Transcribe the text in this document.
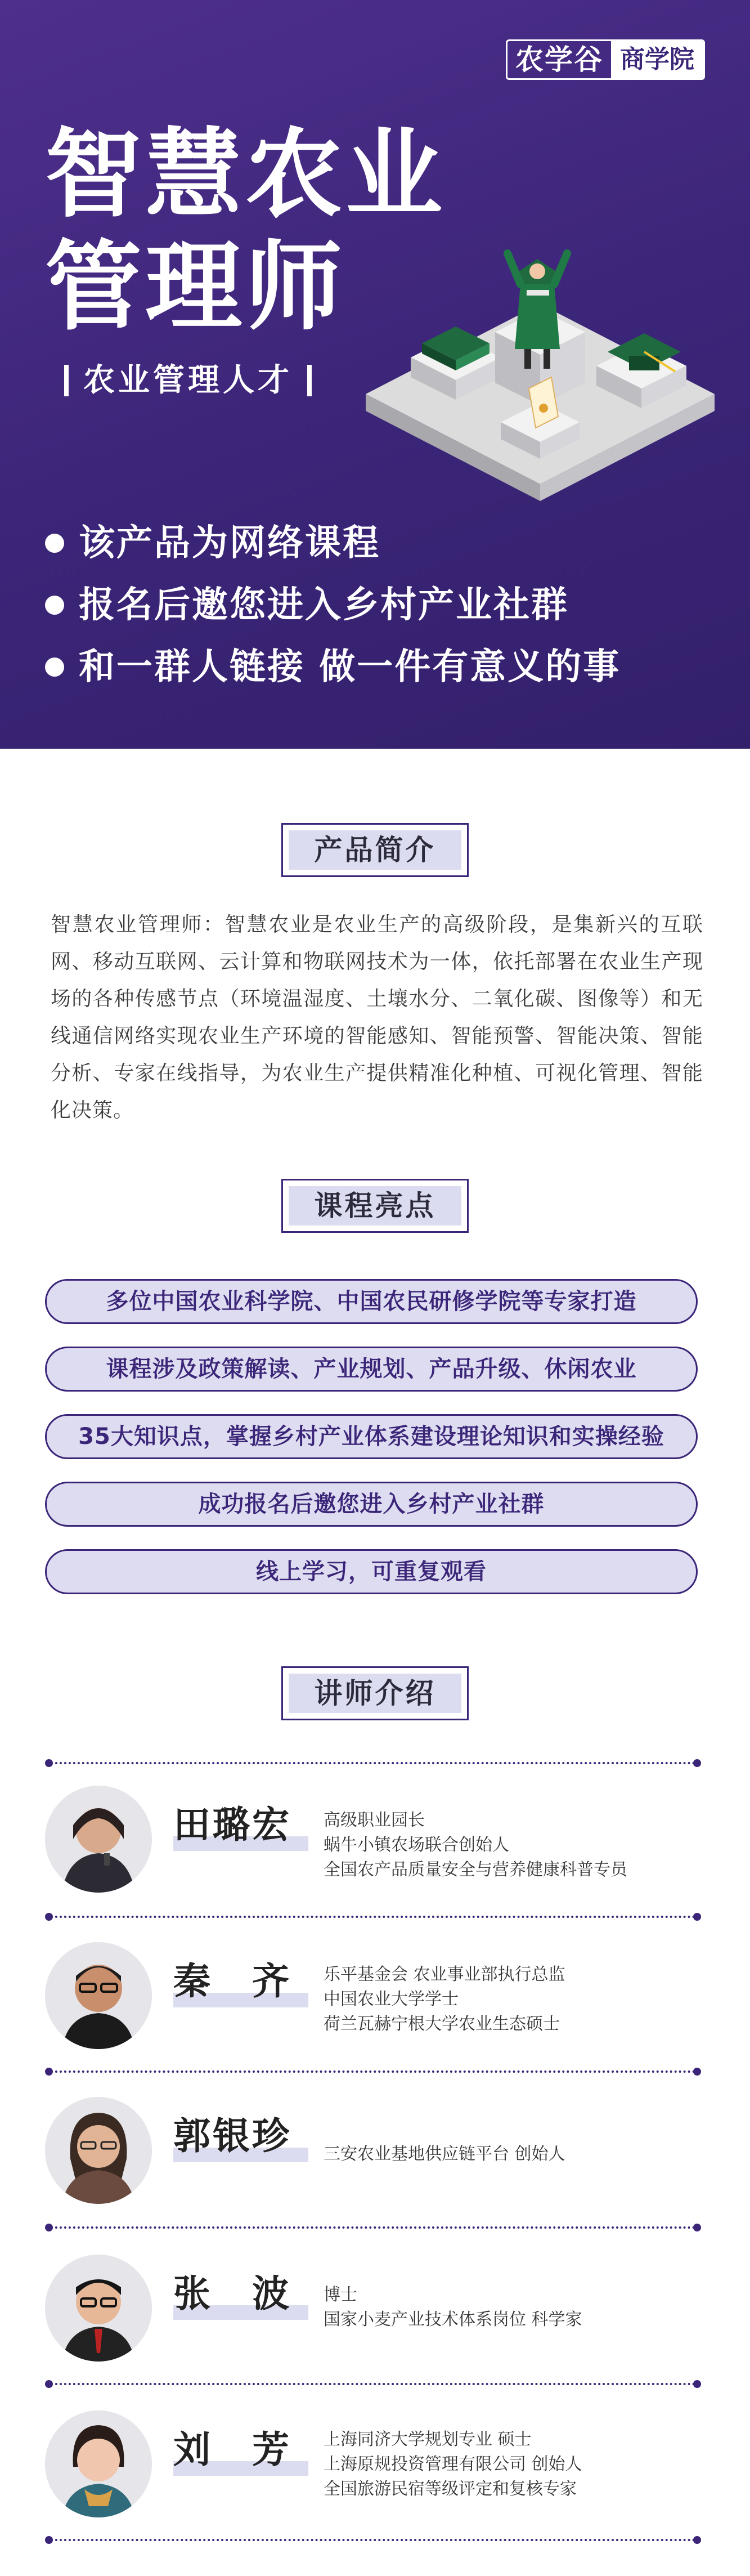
农学谷 商学院
智慧农业
管理师
农业管理人才
该产品为网络课程
报名后邀您进入乡村产业社群
和一群人链接 做一件有意义的事
产品简介

智慧农业管理师：智慧农业是农业生产的高级阶段，是集新兴的互联网、移动互联网、云计算和物联网技术为一体，依托部署在农业生产现场的各种传感节点（环境温湿度、土壤水分、二氧化碳、图像等）和无线通信网络实现农业生产环境的智能感知、智能预警、智能决策、智能分析、专家在线指导，为农业生产提供精准化种植、可视化管理、智能化决策。

课程亮点
多位中国农业科学院、中国农民研修学院等专家打造
课程涉及政策解读、产业规划、产品升级、休闲农业
35大知识点，掌握乡村产业体系建设理论知识和实操经验
成功报名后邀您进入乡村产业社群
线上学习，可重复观看
讲师介绍
田璐宏 高级职业园长
蜗牛小镇农场联合创始人
全国农产品质量安全与营养健康科普专员
秦　齐 乐平基金会 农业事业部执行总监
中国农业大学学士
荷兰瓦赫宁根大学农业生态硕士
郭银珍 三安农业基地供应链平台 创始人
张　波 博士
国家小麦产业技术体系岗位 科学家
刘　芳 上海同济大学规划专业 硕士
上海原规投资管理有限公司 创始人
全国旅游民宿等级评定和复核专家
